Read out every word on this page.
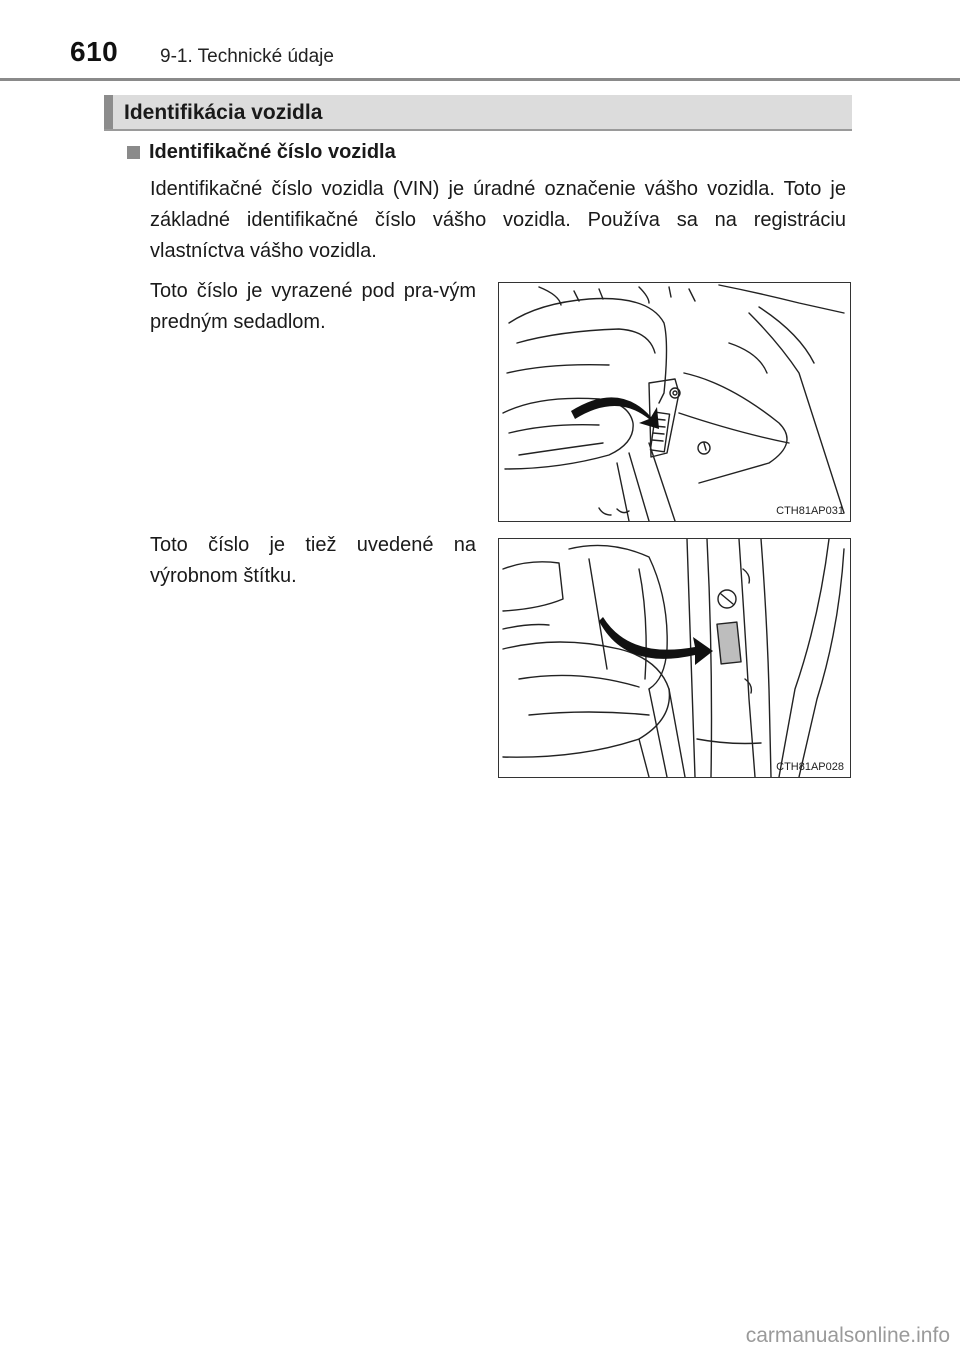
610 9-1. Technické údaje
Identifikácia vozidla
Identifikačné číslo vozidla
Identifikačné číslo vozidla (VIN) je úradné označenie vášho vozidla. Toto je základné identifikačné číslo vášho vozidla. Používa sa na registráciu vlastníctva vášho vozidla.
Toto číslo je vyrazené pod pra-vým predným sedadlom.
Toto číslo je tiež uvedené na výrobnom štítku.
CTH81AP031
CTH81AP028
carmanualsonline.info
